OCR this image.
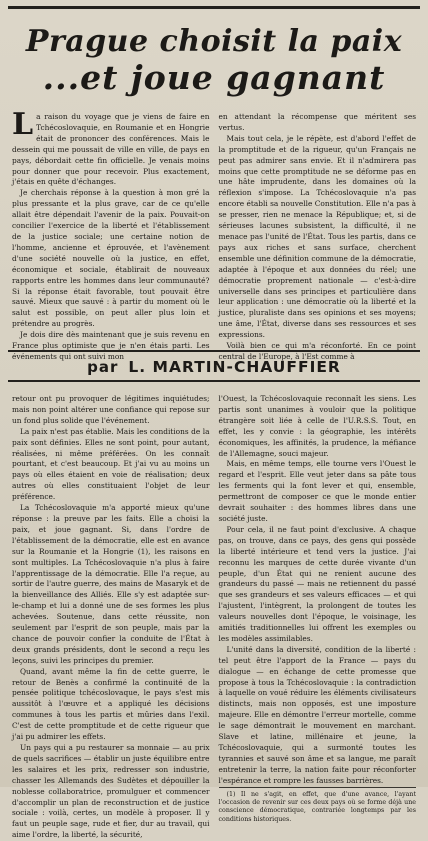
Prague choisit la paix
...et joue gagnant
L a raison du voyage que je viens de faire en Tchécoslovaquie, en Roumanie et en Hongrie était de prononcer des conférences. Mais le dessein qui me poussait de ville en ville, de pays en pays, débordait cette fin officielle. Je venais moins pour donner que pour recevoir. Plus exactement, j'étais en quête d'échanges.

Je cherchais réponse à la question à mon gré la plus pressante et la plus grave, car de ce qu'elle allait être dépendait l'avenir de la paix. Pouvait-on concilier l'exercice de la liberté et l'établissement de la justice sociale; une certaine notion de l'homme, ancienne et éprouvée, et l'avènement d'une société nouvelle où la justice, en effet, économique et sociale, établirait de nouveaux rapports entre les hommes dans leur communauté? Si la réponse était favorable, tout pouvait être sauvé. Mieux que sauvé : à partir du moment où le salut est possible, on peut aller plus loin et prétendre au progrès.

Je dois dire dès maintenant que je suis revenu en France plus optimiste que je n'en étais parti. Les événements qui ont suivi mon

en attendant la récompense que méritent ses vertus.

Mais tout cela, je le répète, est d'abord l'effet de la promptitude et de la rigueur, qu'un Français ne peut pas admirer sans envie. Et il n'admirera pas moins que cette promptitude ne se déforme pas en une hâte imprudente, dans les domaines où la réflexion s'impose. La Tchécoslovaquie n'a pas encore établi sa nouvelle Constitution. Elle n'a pas à se presser, rien ne menace la République; et, si de sérieuses lacunes subsistent, la difficulté, il ne menace pas l'unité de l'État. Tous les partis, dans ce pays aux riches et sans surface, cherchent ensemble une définition commune de la démocratie, adaptée à l'époque et aux données du réel; une démocratie proprement nationale — c'est-à-dire universelle dans ses principes et particulière dans leur application : une démocratie où la liberté et la justice, pluraliste dans ses opinions et ses moyens; une âme, l'État, diverse dans ses ressources et ses expressions.

Voilà bien ce qui m'a réconforté. En ce point central de l'Europe, à l'Est comme à

par L. MARTIN-CHAUFFIER

retour ont pu provoquer de légitimes inquiétudes; mais non point altérer une confiance qui repose sur un fond plus solide que l'événement.

La paix n'est pas établie. Mais les conditions de la paix sont définies. Elles ne sont point, pour autant, réalisées, ni même préférées. On les connaît pourtant, et c'est beaucoup. Et j'ai vu au moins un pays où elles étaient en voie de réalisation; deux autres où elles constituaient l'objet de leur préférence.

La Tchécoslovaquie m'a apporté mieux qu'une réponse : la preuve par les faits. Elle a choisi la paix, et joue gagnant. Si, dans l'ordre de l'établissement de la démocratie, elle est en avance sur la Roumanie et la Hongrie (1), les raisons en sont multiples. La Tchécoslovaquie n'a plus à faire l'apprentissage de la démocratie. Elle l'a reçue, au sortir de l'autre guerre, des mains de Masaryk et de la bienveillance des Alliés. Elle s'y est adaptée sur-le-champ et lui a donné une de ses formes les plus achevées. Soutenue, dans cette réussite, non seulement par l'esprit de son peuple, mais par la chance de pouvoir confier la conduite de l'État à deux grands présidents, dont le second a reçu les leçons, suivi les principes du premier.

Quand, avant même la fin de cette guerre, le retour de Benès a confirmé la continuité de la pensée politique tchécoslovaque, le pays s'est mis aussitôt à l'œuvre et a appliqué les décisions communes à tous les partis et mûries dans l'exil. C'est de cette promptitude et de cette rigueur que j'ai pu admirer les effets.

Un pays qui a pu restaurer sa monnaie — au prix de quels sacrifices — établir un juste équilibre entre les salaires et les prix, redresser son industrie, chasser les Allemands des Sudètes et dépouiller la noblesse collaboratrice, promulguer et commencer d'accomplir un plan de reconstruction et de justice sociale : voilà, certes, un modèle à proposer. Il y faut un peuple sage, rude et fier, dur au travail, qui aime l'ordre, la liberté, la sécurité,

l'Ouest, la Tchécoslovaquie reconnaît les siens. Les partis sont unanimes à vouloir que la politique étrangère soit liée à celle de l'U.R.S.S. Tout, en effet, les y convie : la géographie, les intérêts économiques, les affinités, la prudence, la méfiance de l'Allemagne, souci majeur.

Mais, en même temps, elle tourne vers l'Ouest le regard et l'esprit. Elle veut jeter dans sa pâte tous les ferments qui la font lever et qui, ensemble, permettront de composer ce que le monde entier devrait souhaiter : des hommes libres dans une société juste.

Pour cela, il ne faut point d'exclusive. A chaque pas, on trouve, dans ce pays, des gens qui possède la liberté intérieure et tend vers la justice. J'ai reconnu les marques de cette durée vivante d'un peuple, d'un État qui ne renient aucune des grandeurs du passé — mais ne retiennent du passé que ses grandeurs et ses valeurs efficaces — et qui l'ajustent, l'intègrent, la prolongent de toutes les valeurs nouvelles dont l'époque, le voisinage, les amitiés traditionnelles lui offrent les exemples ou les modèles assimilables.

L'unité dans la diversité, condition de la liberté : tel peut être l'apport de la France — pays du dialogue — en échange de cette promesse que propose à tous la Tchécoslovaquie : la contradiction à laquelle on voué réduire les éléments civilisateurs distincts, mais non opposés, est une imposture majeure. Elle en démontre l'erreur mortelle, comme le sage démontrait le mouvement en marchant. Slave et latine, millénaire et jeune, la Tchécoslovaquie, qui a surmonté toutes les tyrannies et sauvé son âme et sa langue, me paraît entretenir la terre, la nation faite pour réconforter l'espérance et rompre les fausses barrières.

(1) Il ne s'agit, en effet, que d'une avance, l'ayant l'occasion de revenir sur ces deux pays où se forme déjà une conscience démocratique, contrariée longtemps par les conditions historiques.
